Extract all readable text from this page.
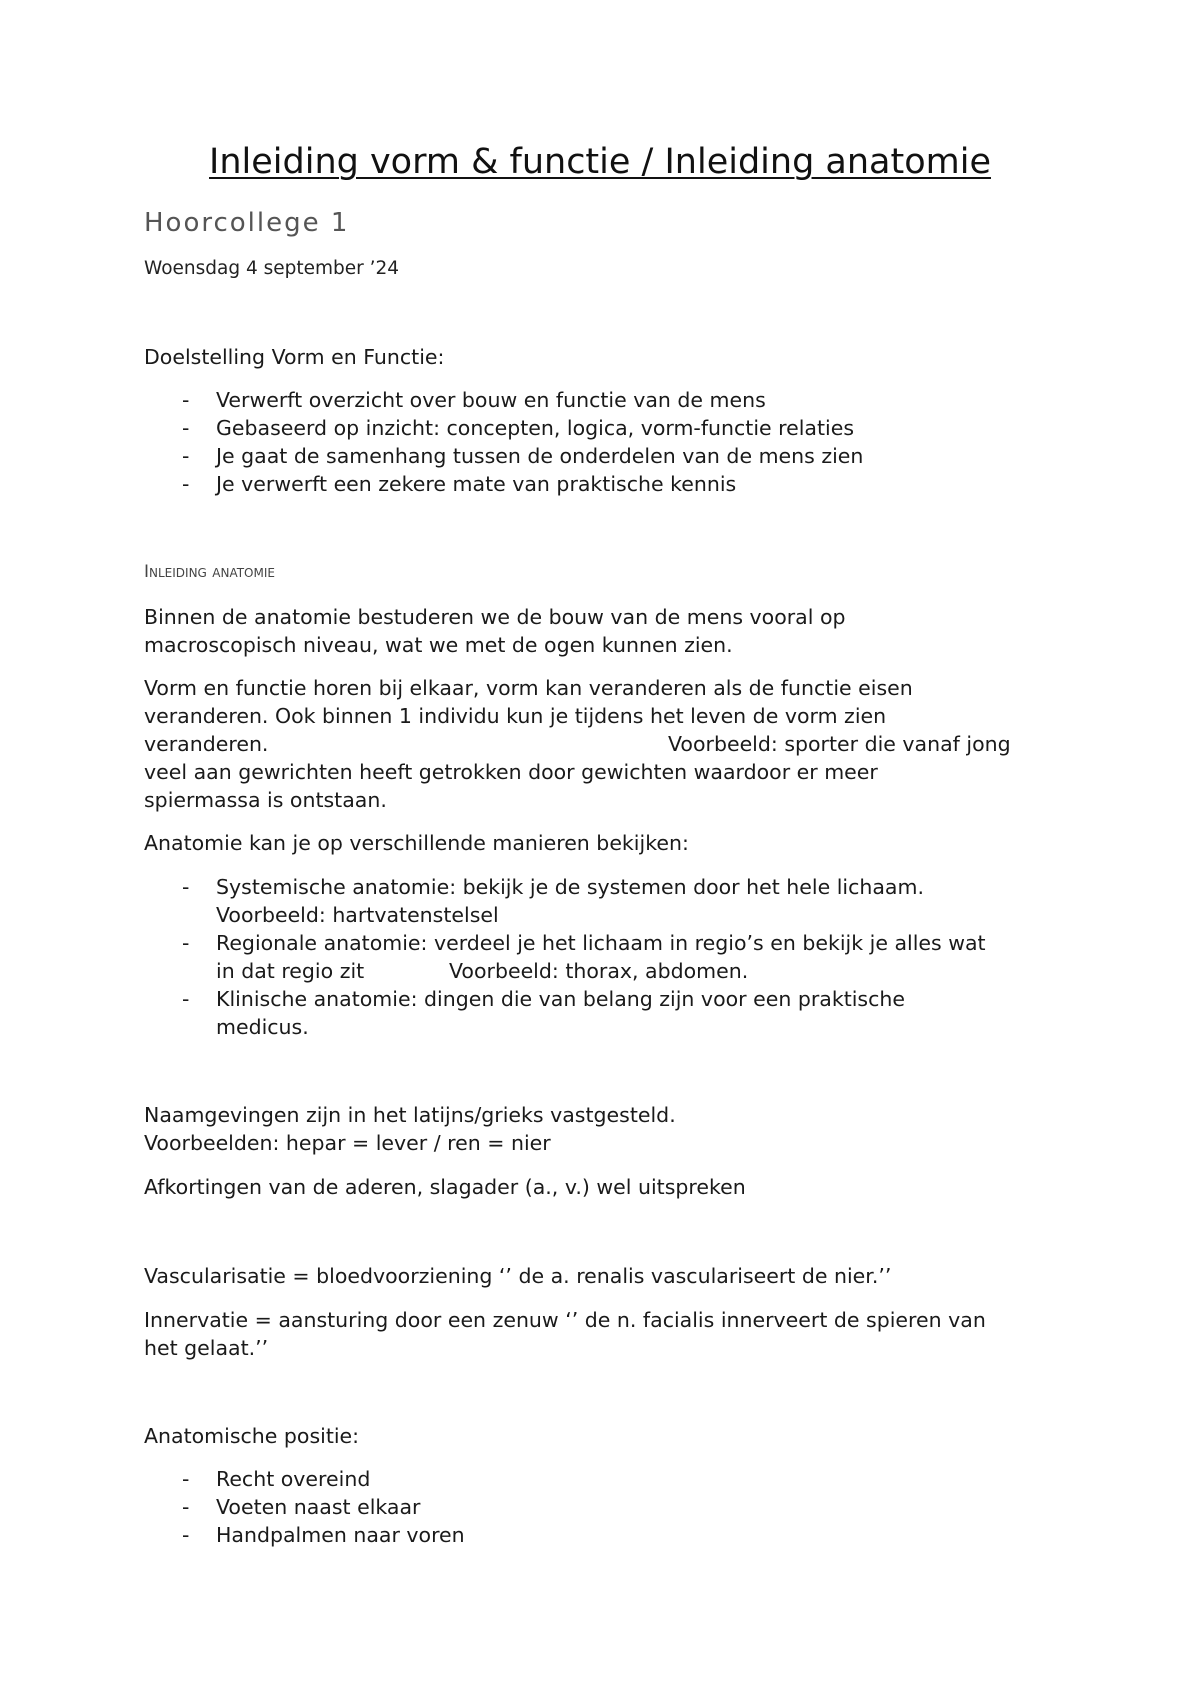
Inleiding vorm & functie / Inleiding anatomie
Hoorcollege 1
Woensdag 4 september ’24
Doelstelling Vorm en Functie:
- Verwerft overzicht over bouw en functie van de mens
- Gebaseerd op inzicht: concepten, logica, vorm-functie relaties
- Je gaat de samenhang tussen de onderdelen van de mens zien
- Je verwerft een zekere mate van praktische kennis
Inleiding anatomie
Binnen de anatomie bestuderen we de bouw van de mens vooral op
macroscopisch niveau, wat we met de ogen kunnen zien.
Vorm en functie horen bij elkaar, vorm kan veranderen als de functie eisen
veranderen. Ook binnen 1 individu kun je tijdens het leven de vorm zien
veranderen.	Voorbeeld: sporter die vanaf jong
veel aan gewrichten heeft getrokken door gewichten waardoor er meer
spiermassa is ontstaan.
Anatomie kan je op verschillende manieren bekijken:
- Systemische anatomie: bekijk je de systemen door het hele lichaam.
Voorbeeld: hartvatenstelsel
- Regionale anatomie: verdeel je het lichaam in regio’s en bekijk je alles wat
in dat regio zit	Voorbeeld: thorax, abdomen.
- Klinische anatomie: dingen die van belang zijn voor een praktische
medicus.
Naamgevingen zijn in het latijns/grieks vastgesteld.
Voorbeelden: hepar = lever / ren = nier
Afkortingen van de aderen, slagader (a., v.) wel uitspreken
Vascularisatie = bloedvoorziening ‘’ de a. renalis vasculariseert de nier.’’
Innervatie = aansturing door een zenuw ‘’ de n. facialis innerveert de spieren van
het gelaat.’’
Anatomische positie:
- Recht overeind
- Voeten naast elkaar
- Handpalmen naar voren
